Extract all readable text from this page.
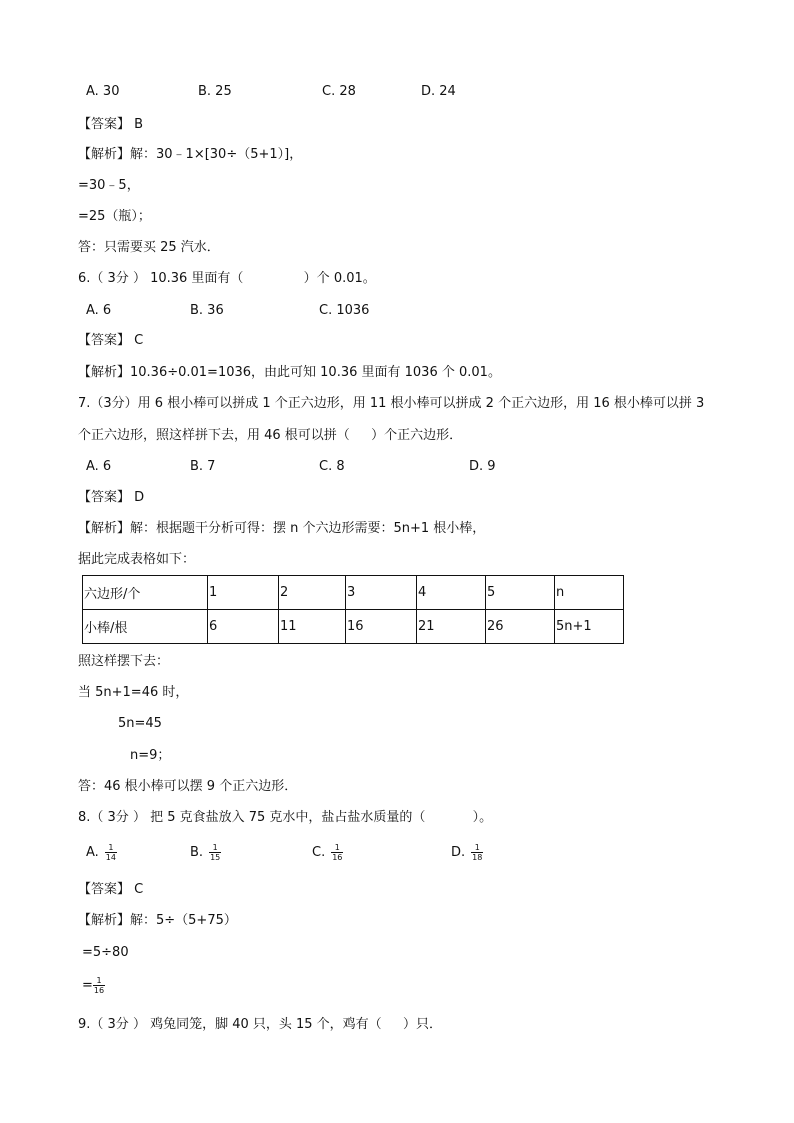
A. 30	B. 25	C. 28	D. 24
【答案】 B
【解析】解：30﹣1×[30÷（5+1）]，
=30﹣5，
=25（瓶）；
答：只需要买 25 汽水．
6.（ 3分 ） 10.36 里面有（ 　　　　 ）个 0.01。
A. 6	B. 36	C. 1036
【答案】 C
【解析】10.36÷0.01=1036，由此可知 10.36 里面有 1036 个 0.01。
7.（3分）用 6 根小棒可以拼成 1 个正六边形，用 11 根小棒可以拼成 2 个正六边形，用 16 根小棒可以拼 3
个正六边形，照这样拼下去，用 46 根可以拼（ 　 ）个正六边形．
A. 6	B. 7	C. 8	D. 9
【答案】 D
【解析】解：根据题干分析可得：摆 n 个六边形需要：5n+1 根小棒，
据此完成表格如下：
六边形/个	1	2	3	4	5	n
小棒/根	6	11	16	21	26	5n+1
照这样摆下去：
当 5n+1=46 时，
5n=45
n=9；
答：46 根小棒可以摆 9 个正六边形．
8.（ 3分 ） 把 5 克食盐放入 75 克水中，盐占盐水质量的（ 　　　 ）。
A. $\frac{1}{14}$	B. $\frac{1}{15}$	C. $\frac{1}{16}$	D. $\frac{1}{18}$
【答案】 C
【解析】解：5÷（5+75）
=5÷80
= $\frac{1}{16}$
9.（ 3分 ） 鸡兔同笼，脚 40 只，头 15 个，鸡有（ 　 ）只．
